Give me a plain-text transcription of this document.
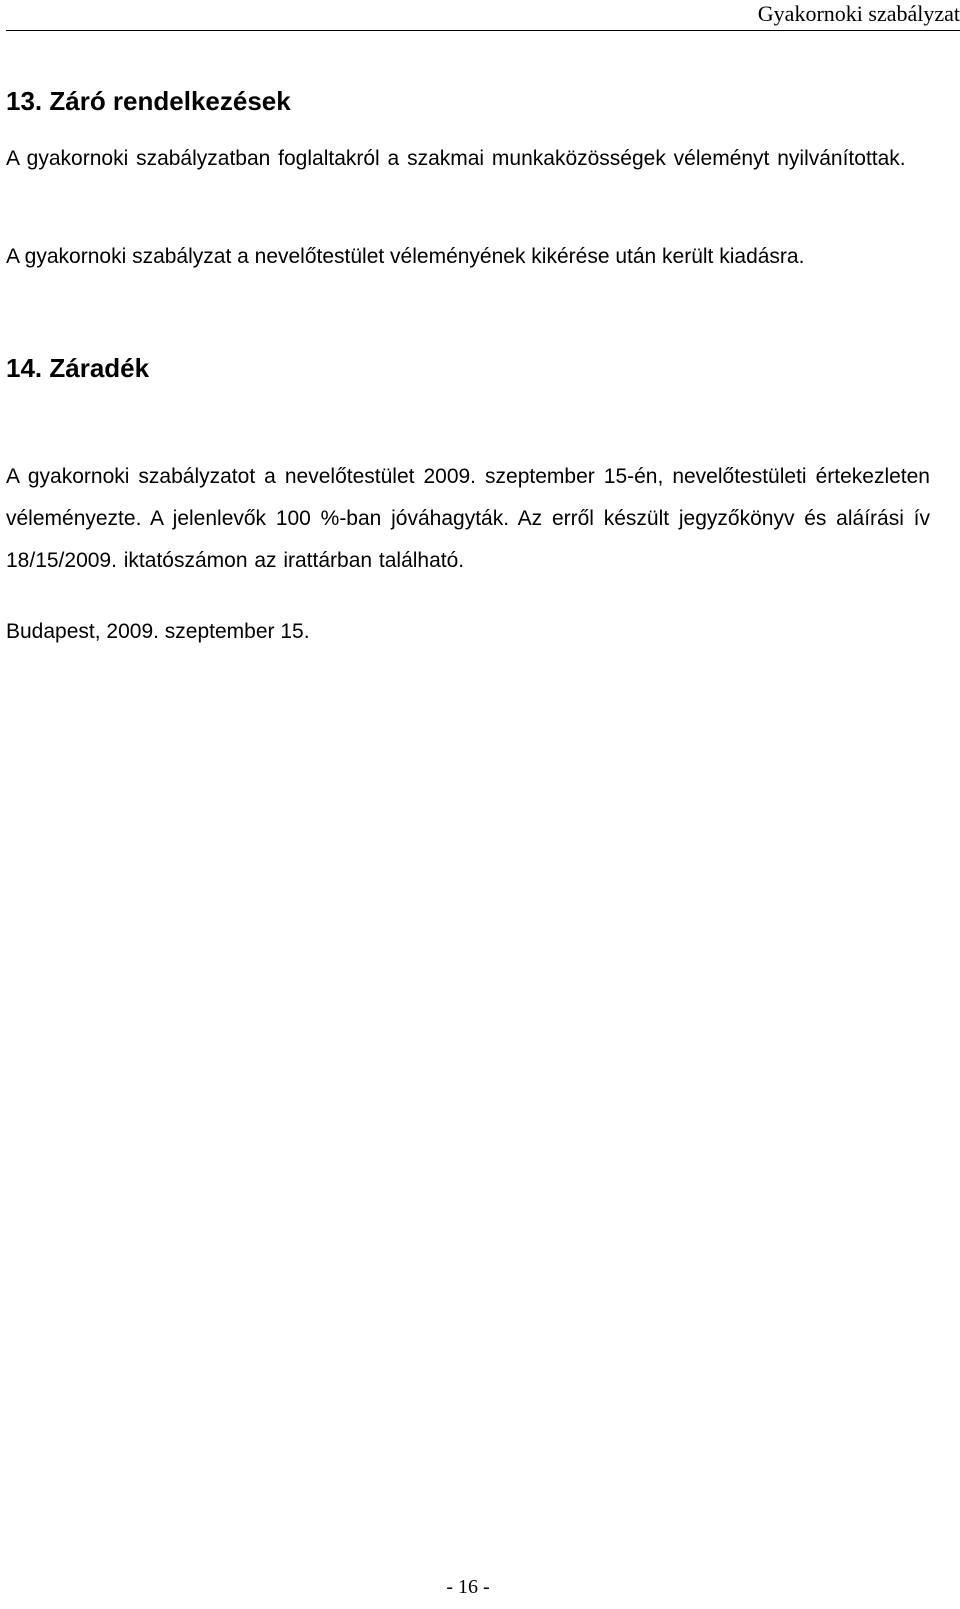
Gyakornoki szabályzat
13. Záró rendelkezések

A gyakornoki szabályzatban foglaltakról a szakmai munkaközösségek véleményt nyilvánítottak.

A gyakornoki szabályzat a nevelőtestület véleményének kikérése után került kiadásra.

14. Záradék

A gyakornoki szabályzatot a nevelőtestület 2009. szeptember 15-én, nevelőtestületi értekezleten véleményezte. A jelenlevők 100 %-ban jóváhagyták. Az erről készült jegyzőkönyv és aláírási ív 18/15/2009. iktatószámon az irattárban található.

Budapest, 2009. szeptember 15.
- 16 -
